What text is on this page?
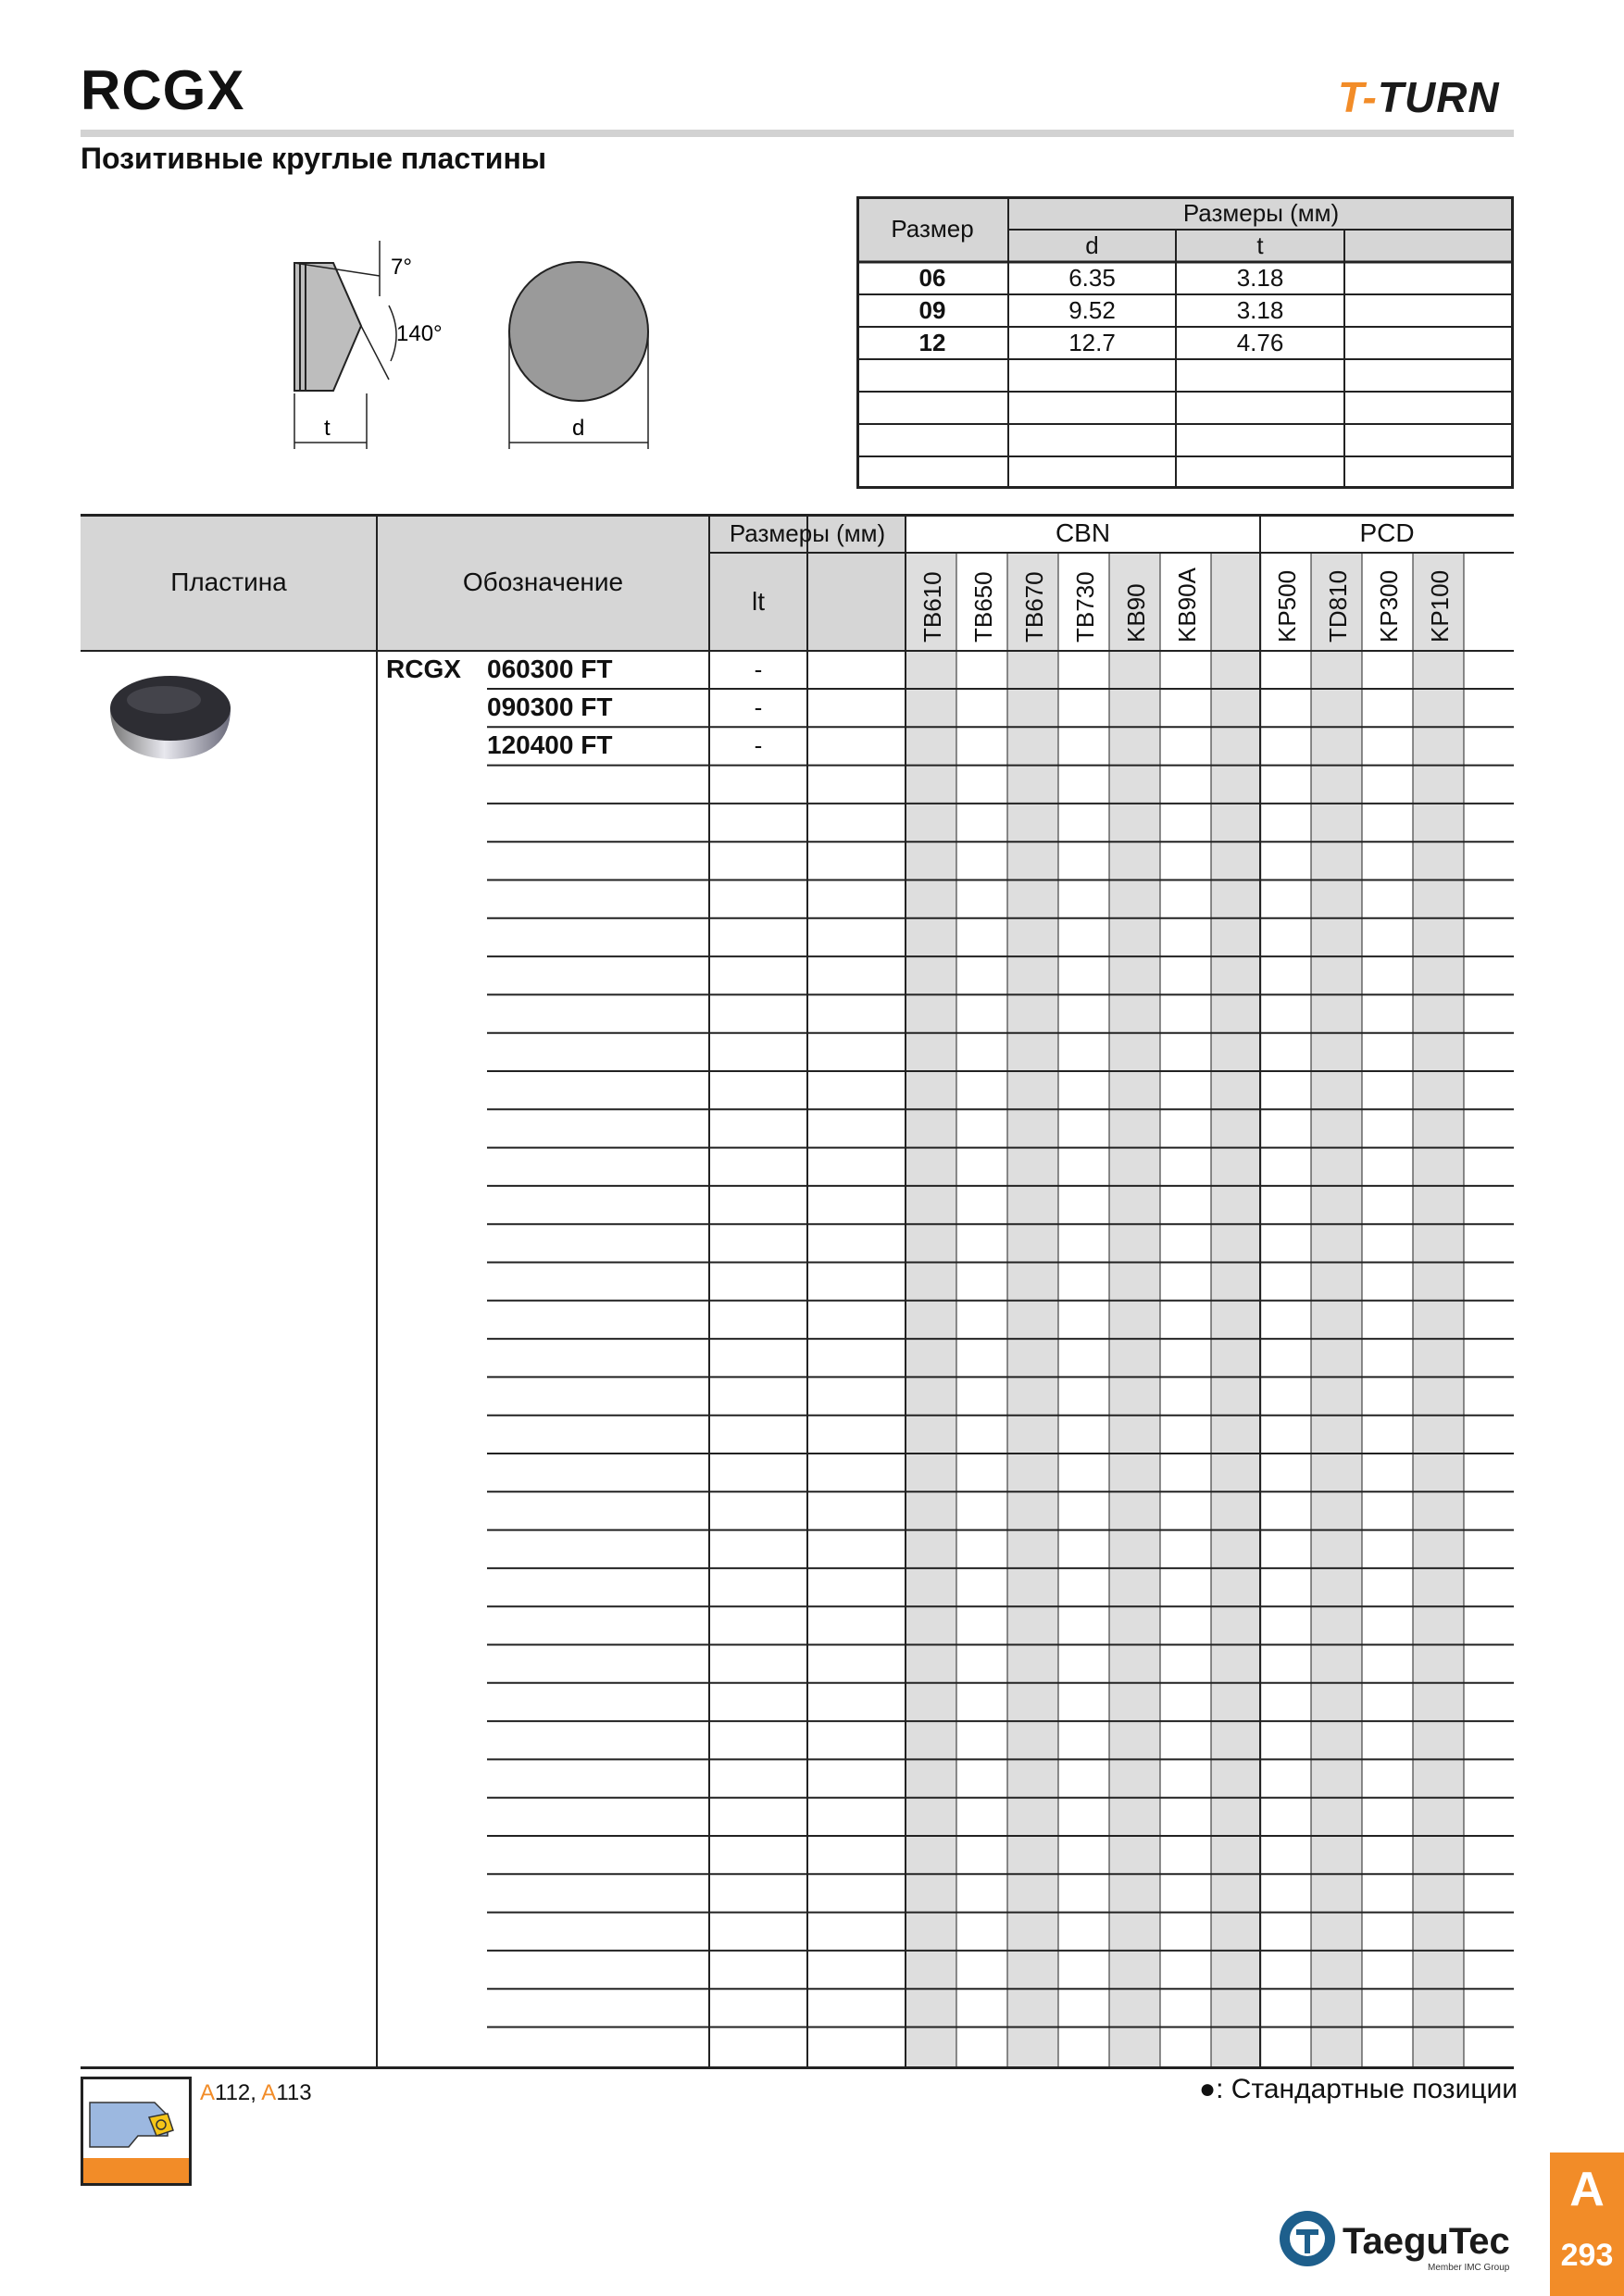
RCGX	T-TURN
Позитивные круглые пластины
7°
140°
t	d
Размер
Размеры (мм)
d	t
06	6.35	3.18
09	9.52	3.18
12	12.7	4.76
Пластина	Обозначение
Размеры (мм)
lt
CBN	PCD
TB610 TB650 TB670 TB730 KB90 KB90A	KP500 TD810 KP300 KP100
RCGX 060300 FT	-
090300 FT	-
120400 FT	-
A112, A113	●: Стандартные позиции
A
293
TaeguTec
Member IMC Group
